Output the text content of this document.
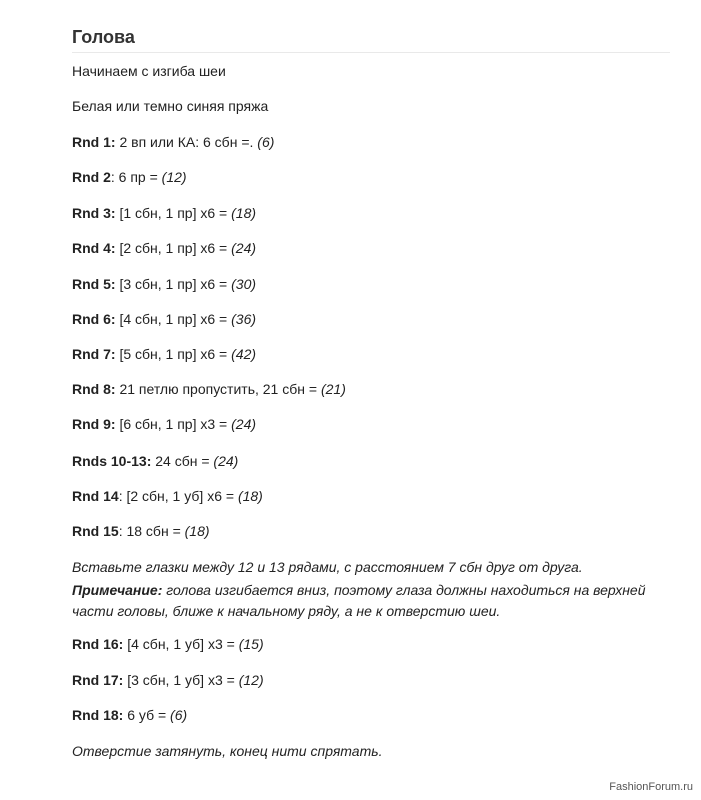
Голова

Начинаем с изгиба шеи

Белая или темно синяя пряжа

Rnd 1: 2 вп или КА: 6 сбн =. (6)

Rnd 2: 6 пр = (12)

Rnd 3: [1 сбн, 1 пр] х6 = (18)

Rnd 4: [2 сбн, 1 пр] х6 = (24)

Rnd 5: [3 сбн, 1 пр] х6 = (30)

Rnd 6: [4 сбн, 1 пр] х6 = (36)

Rnd 7: [5 сбн, 1 пр] х6 = (42)

Rnd 8: 21 петлю пропустить, 21 сбн = (21)

Rnd 9: [6 сбн, 1 пр] х3 = (24)

Rnds 10-13: 24 сбн = (24)

Rnd 14: [2 сбн, 1 уб] х6 = (18)

Rnd 15: 18 сбн = (18)

Вставьте глазки между 12 и 13 рядами, с расстоянием 7 сбн друг от друга.

Примечание: голова изгибается вниз, поэтому глаза должны находиться на верхней

части головы, ближе к начальному ряду, а не к отверстию шеи.

Rnd 16: [4 сбн, 1 уб] х3 = (15)

Rnd 17: [3 сбн, 1 уб] х3 = (12)

Rnd 18: 6 уб = (6)

Отверстие затянуть, конец нити спрятать.

FashionForum.ru
